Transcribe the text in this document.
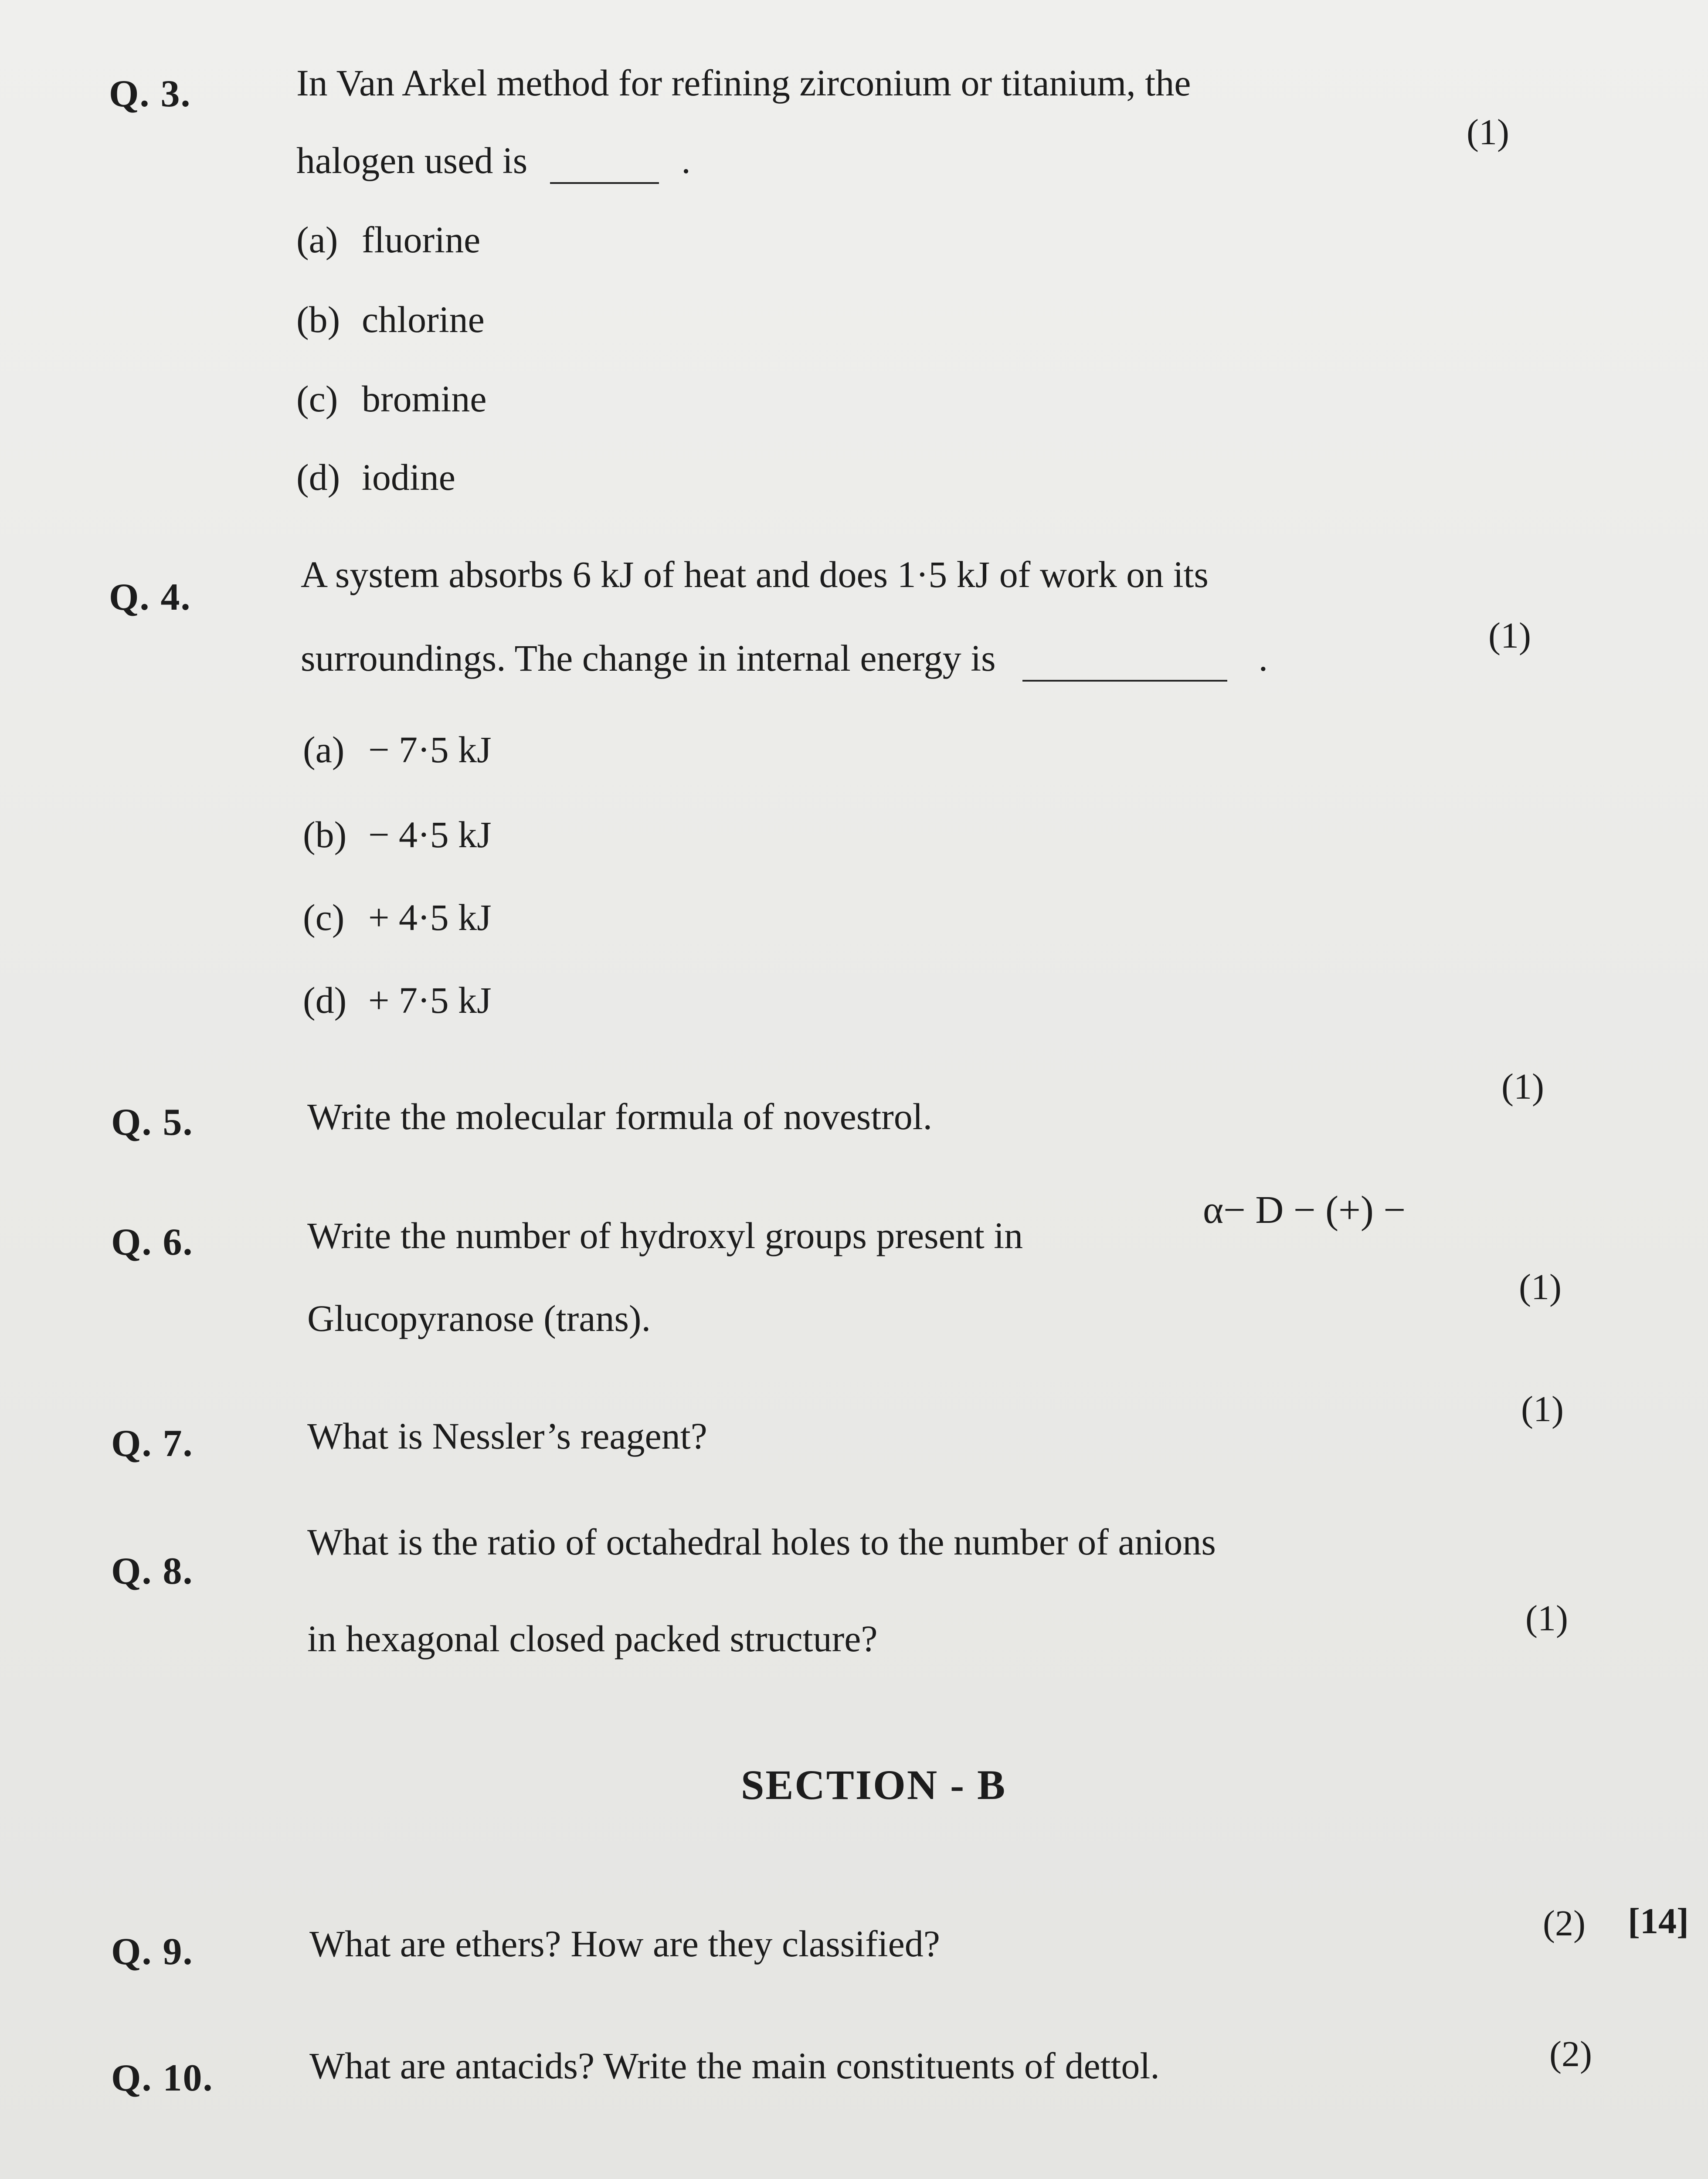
Q. 3.	In Van Arkel method for refining zirconium or titanium, the
halogen used is	.
(1)
(a) fluorine
(b) chlorine
(c) bromine
(d) iodine
Q. 4.
A system absorbs 6 kJ of heat and does 1·5 kJ of work on its
surroundings. The change in internal energy is	.
(1)
(a) − 7·5 kJ
(b) − 4·5 kJ
(c) + 4·5 kJ
(d) + 7·5 kJ
Q. 5.	Write the molecular formula of novestrol.
(1)
Q. 6.	Write the number of hydroxyl groups present in
α− D − (+) −
Glucopyranose (trans).
(1)
Q. 7.	What is Nessler’s reagent?
(1)
Q. 8.
What is the ratio of octahedral holes to the number of anions
in hexagonal closed packed structure?	(1)
SECTION - B
Q. 9.	What are ethers? How are they classified?	(2) [14]
Q. 10.	What are antacids? Write the main constituents of dettol.	(2)
